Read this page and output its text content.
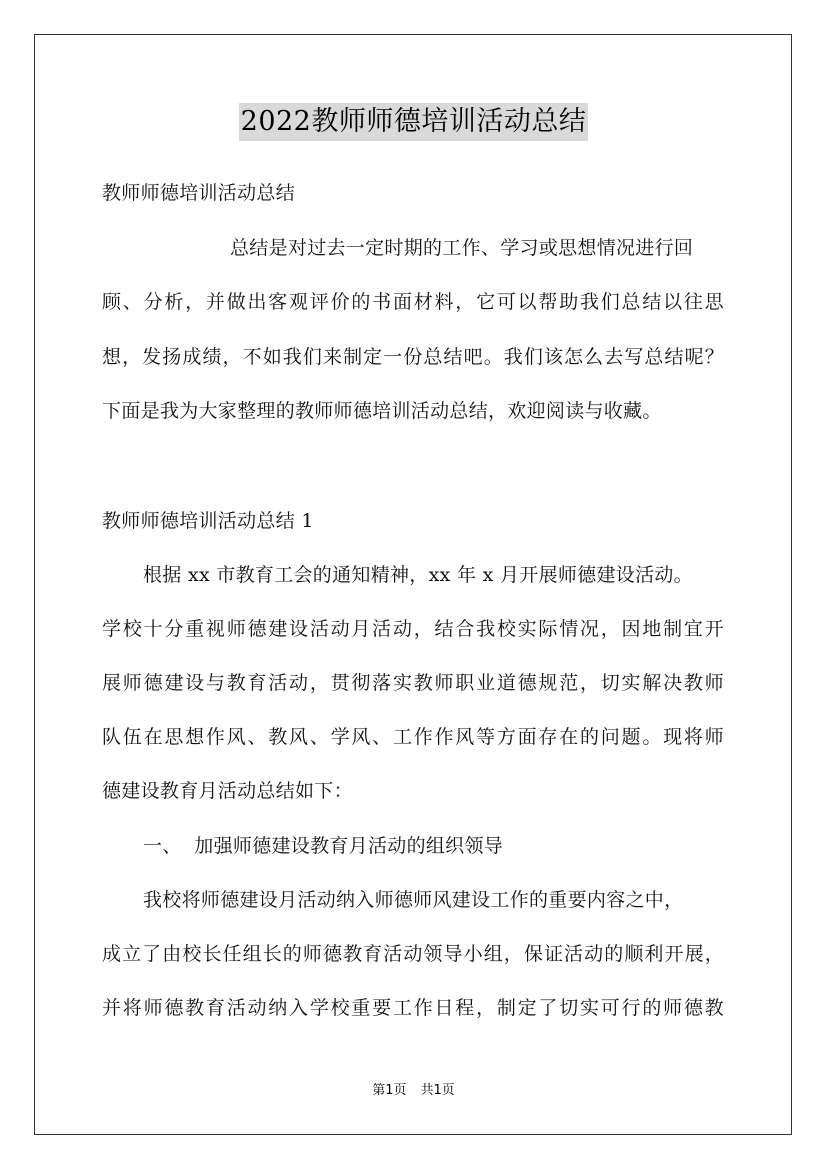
2022教师师德培训活动总结
教师师德培训活动总结
总结是对过去一定时期的工作、学习或思想情况进行回
顾、分析，并做出客观评价的书面材料，它可以帮助我们总结以往思
想，发扬成绩，不如我们来制定一份总结吧。我们该怎么去写总结呢？
下面是我为大家整理的教师师德培训活动总结，欢迎阅读与收藏。
教师师德培训活动总结 1
根据 xx 市教育工会的通知精神，xx 年 x 月开展师德建设活动。
学校十分重视师德建设活动月活动，结合我校实际情况，因地制宜开
展师德建设与教育活动，贯彻落实教师职业道德规范，切实解决教师
队伍在思想作风、教风、学风、工作作风等方面存在的问题。现将师
德建设教育月活动总结如下：
一、  加强师德建设教育月活动的组织领导
我校将师德建设月活动纳入师德师风建设工作的重要内容之中，
成立了由校长任组长的师德教育活动领导小组，保证活动的顺利开展，
并将师德教育活动纳入学校重要工作日程，制定了切实可行的师德教
第1页 共1页
